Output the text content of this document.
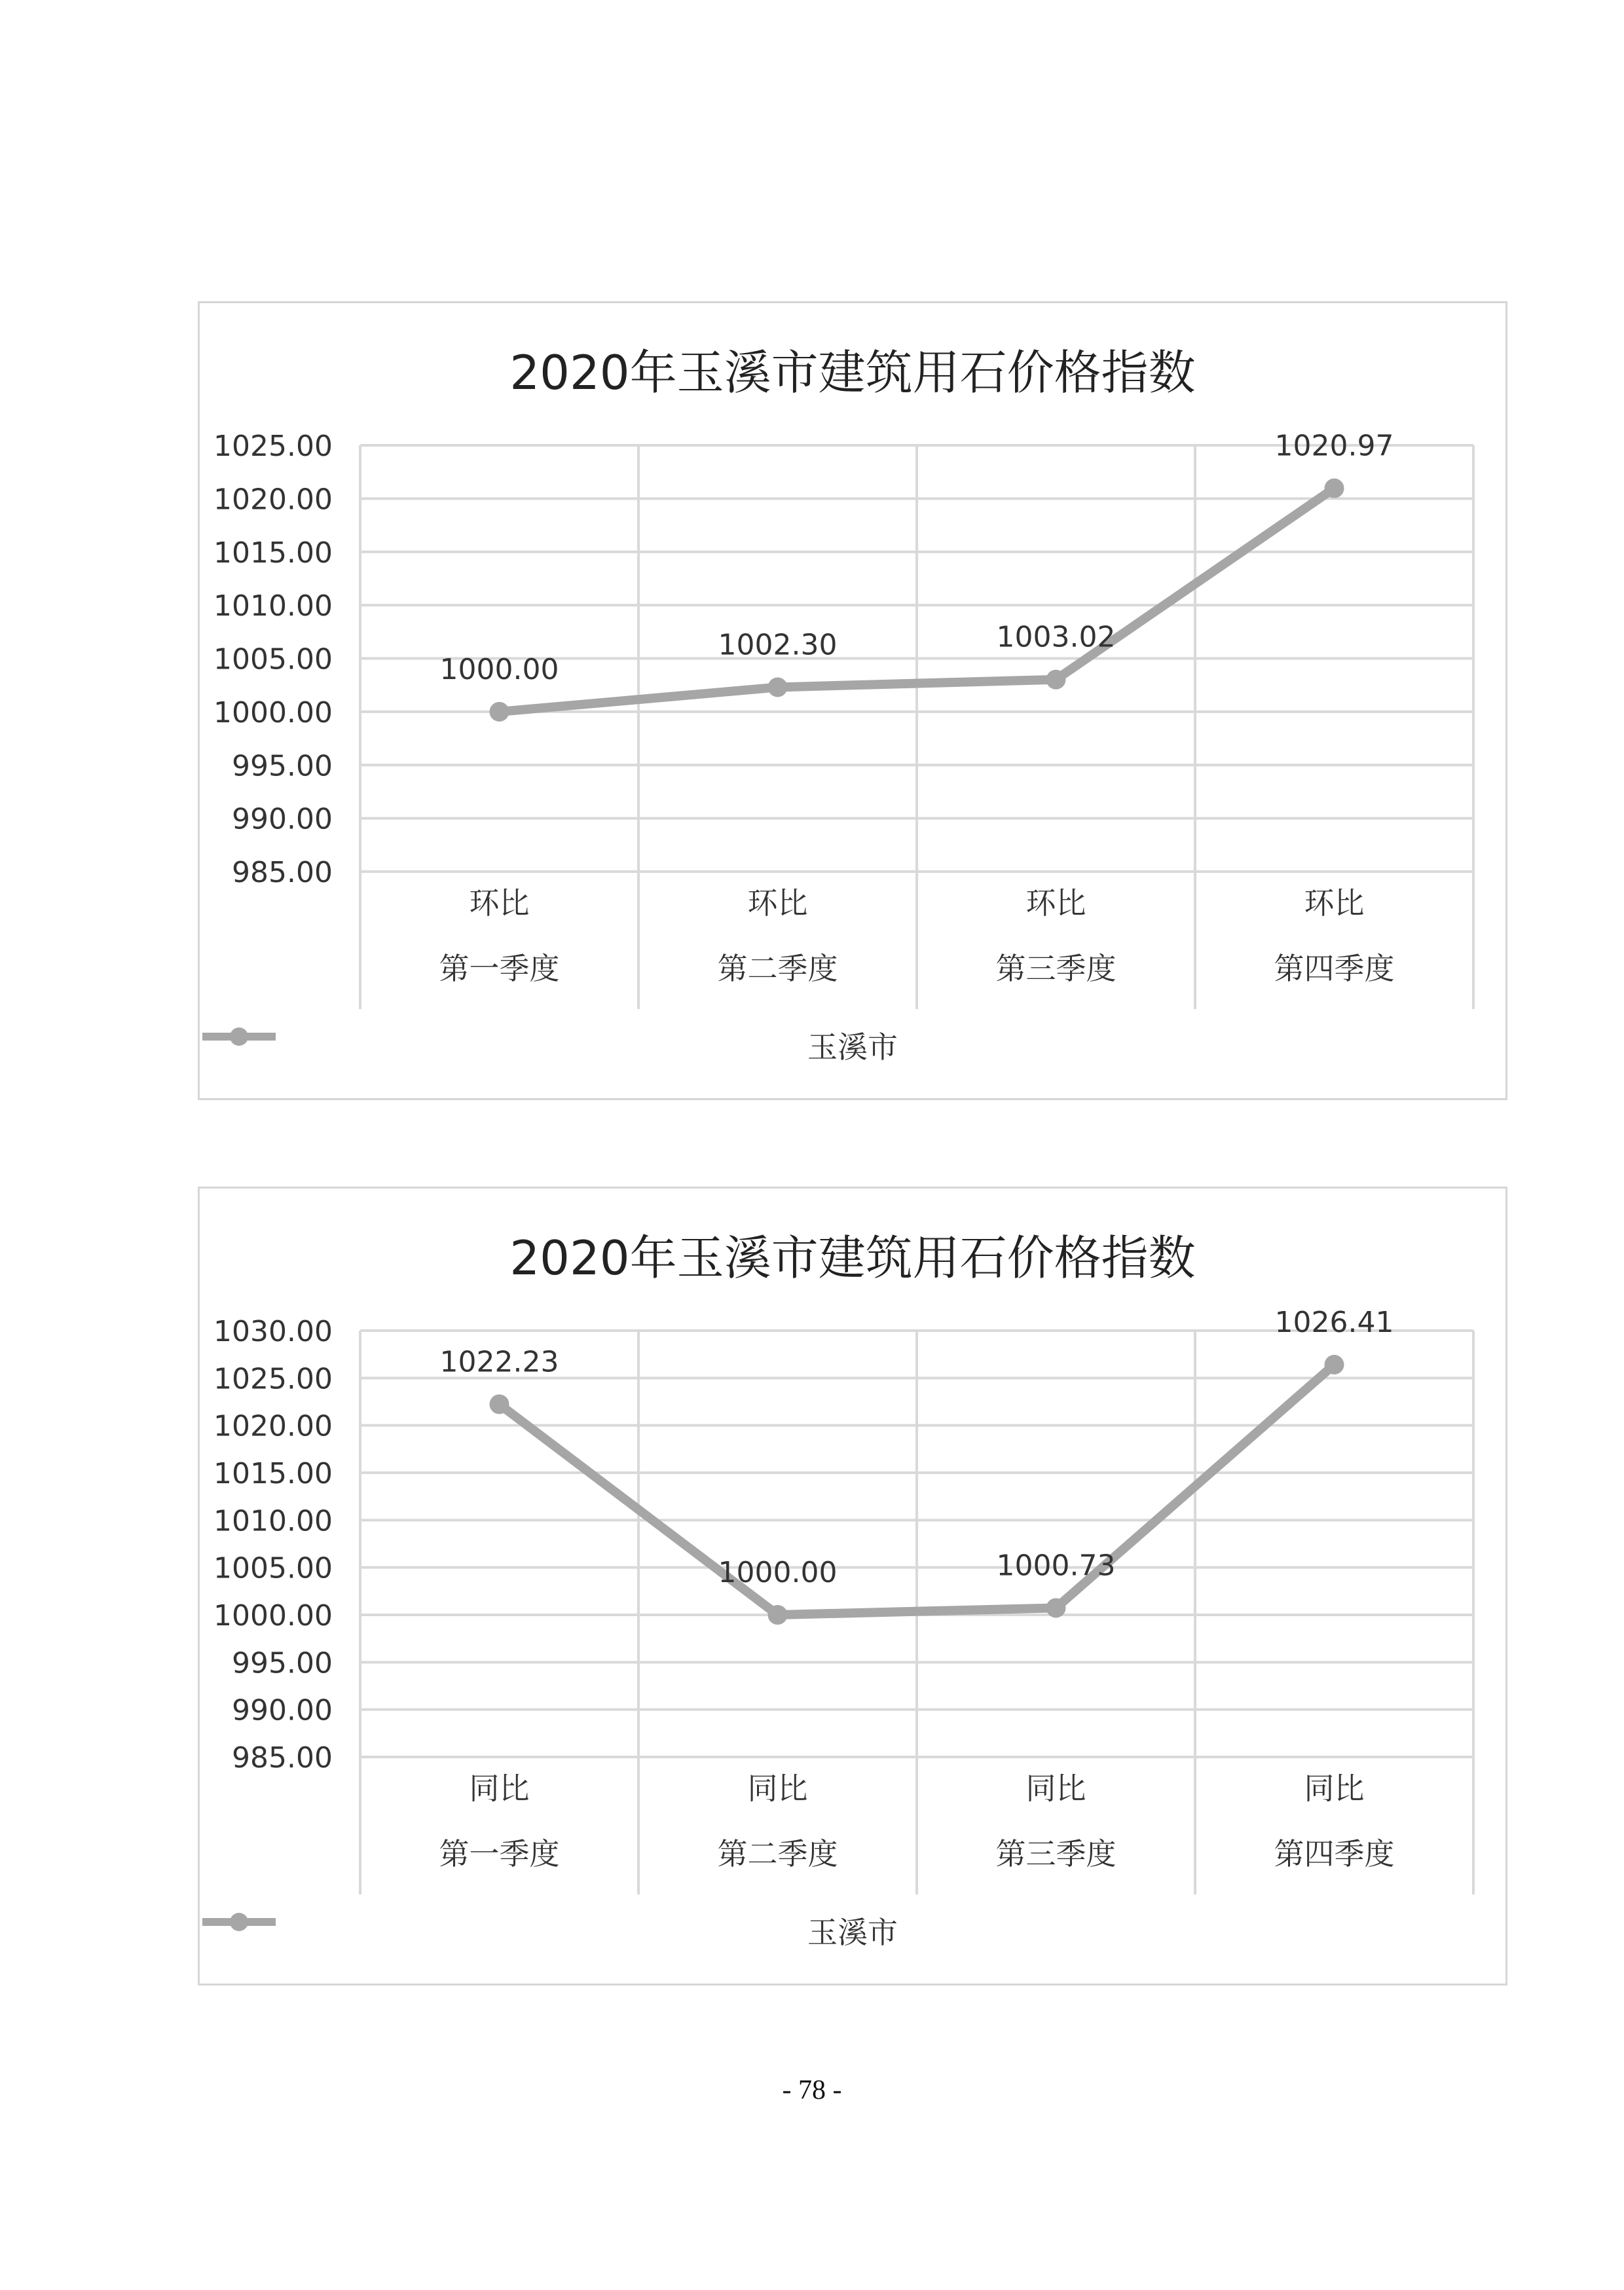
2020年玉溪市建筑用石价格指数
1025.00
1020.00
1015.00
1010.00
1005.00
1000.00
995.00
990.00
985.00
环比
第一季度
环比
第二季度
环比
第三季度
环比
第四季度
1000.00
1002.30	1003.02
1020.97
玉溪市
2020年玉溪市建筑用石价格指数
1030.00
1025.00
1020.00
1015.00
1010.00
1005.00
1000.00
995.00
990.00
985.00
同比
第一季度
同比
第二季度
同比
第三季度
同比
第四季度
1022.23
1000.00	1000.73
1026.41
玉溪市
- 78 -
